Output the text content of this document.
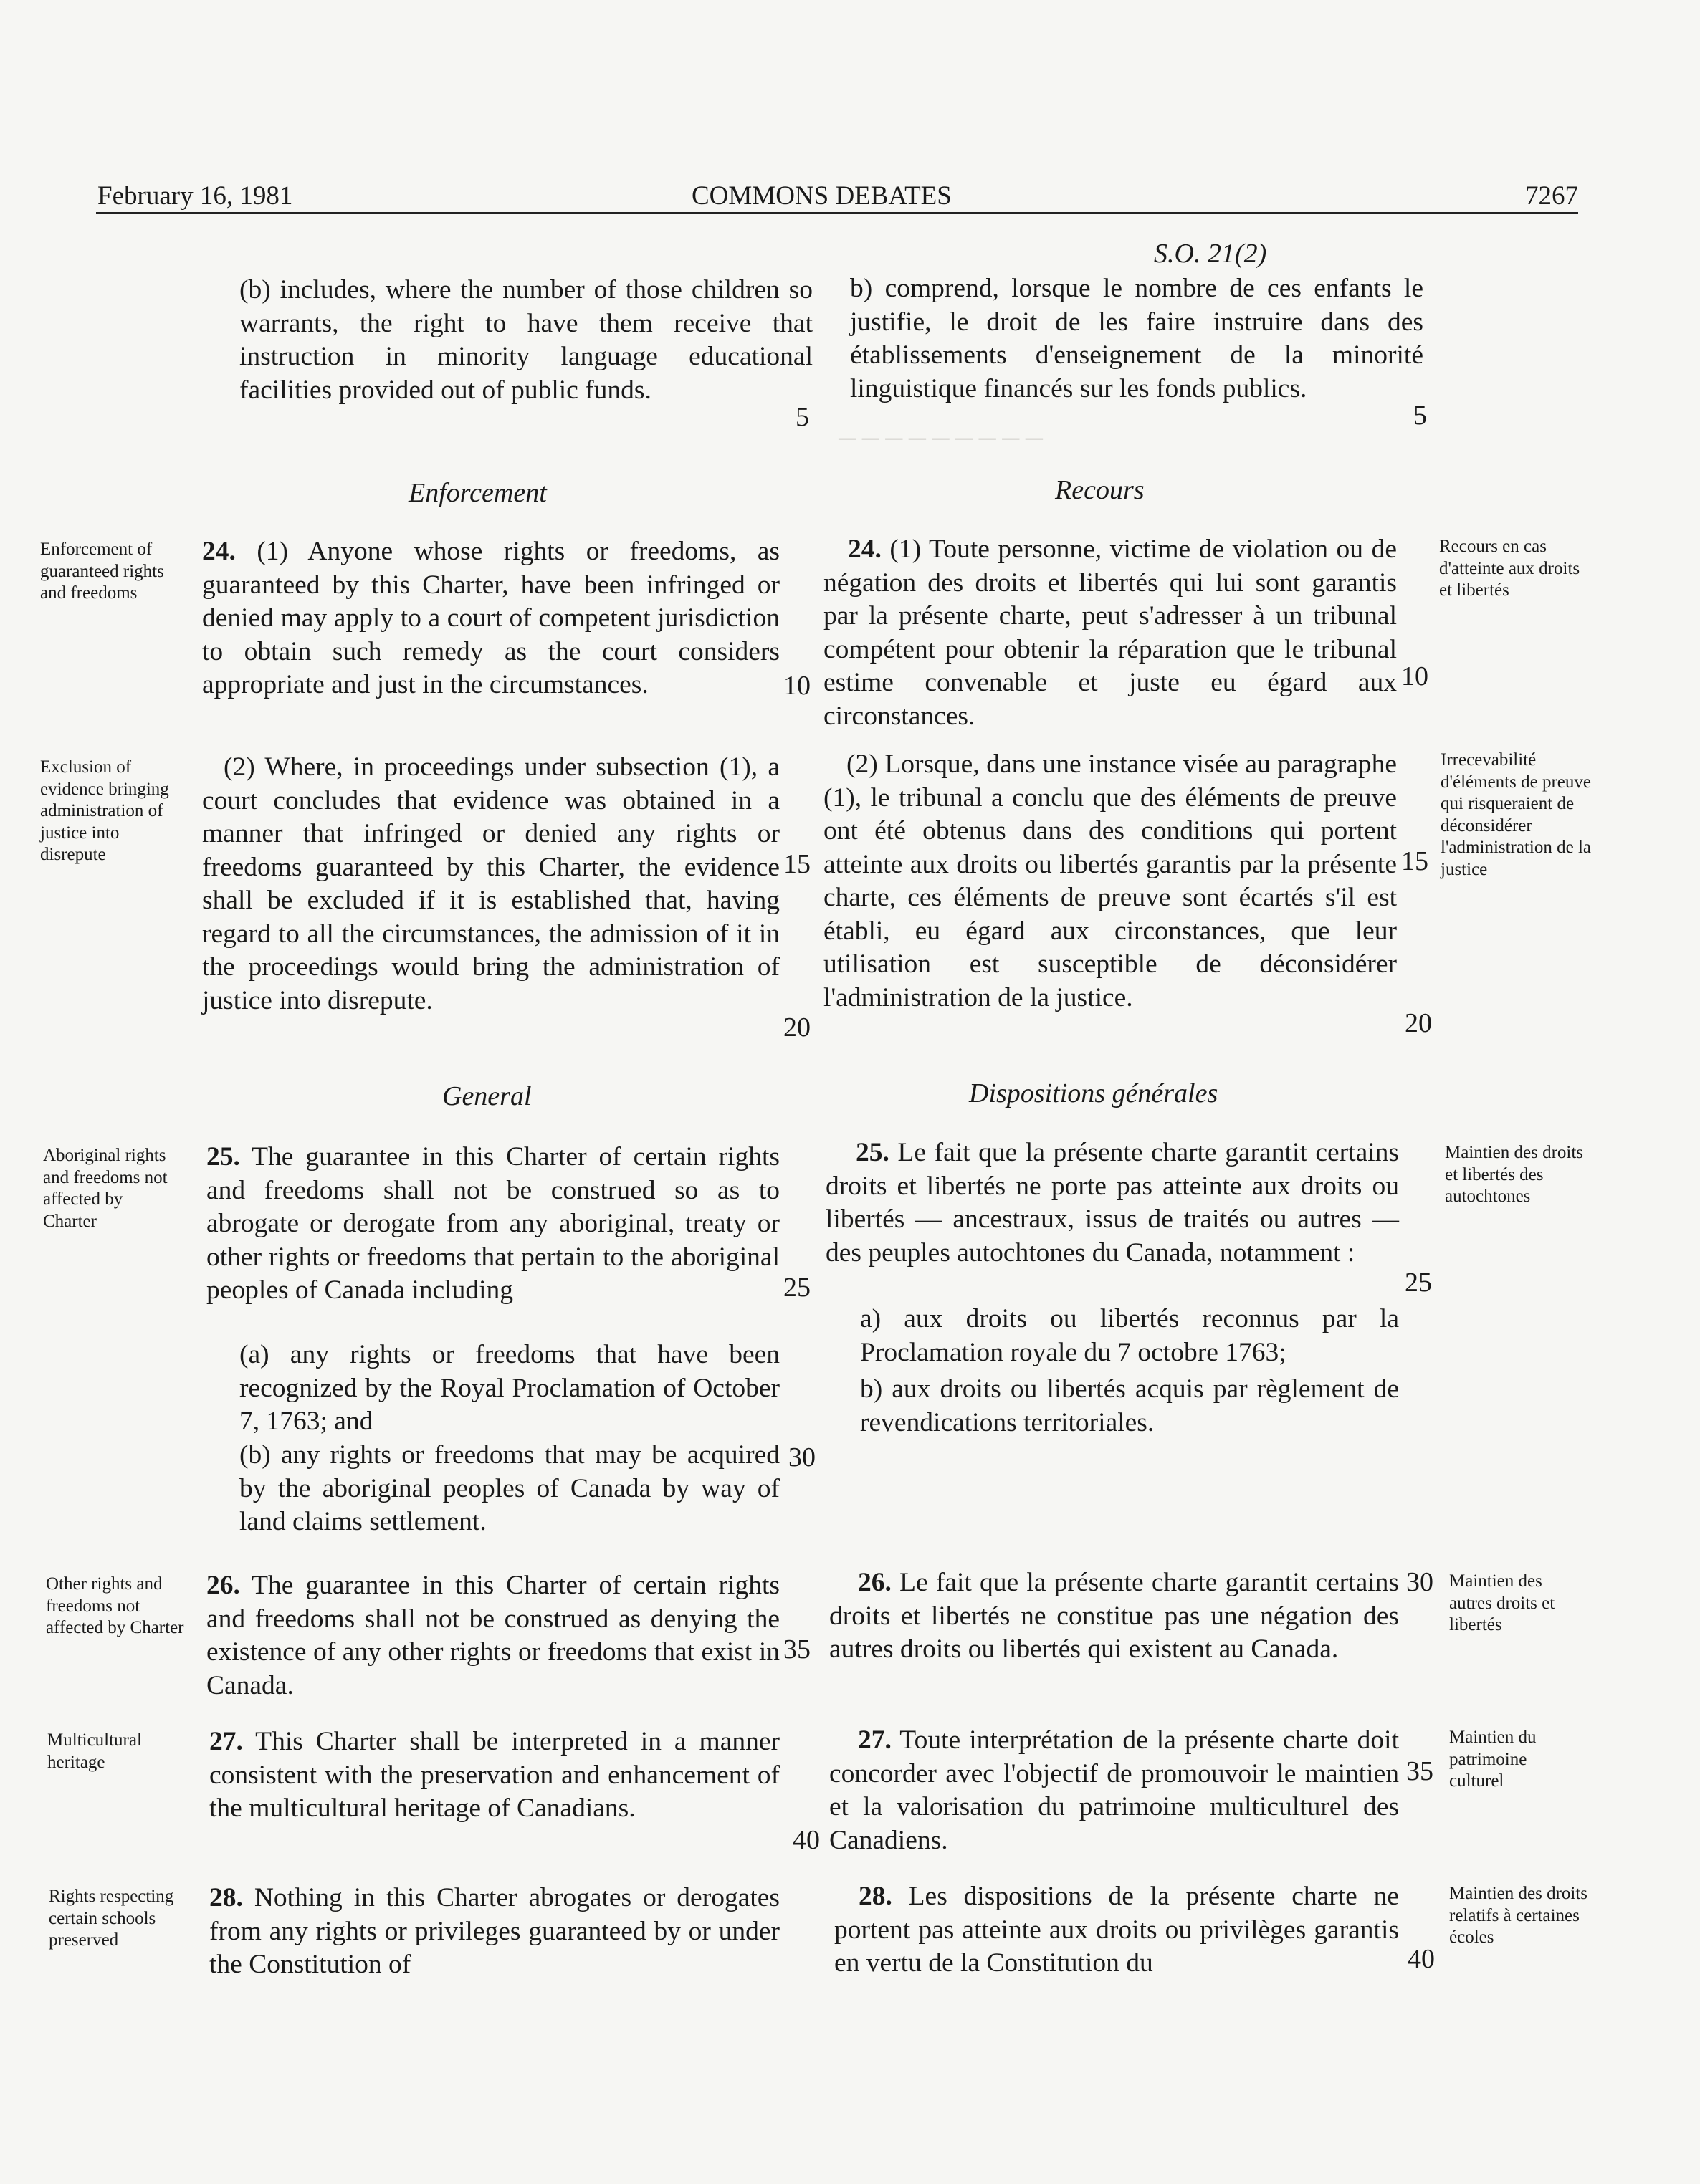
February 16, 1981	COMMONS DEBATES	7267
S.O. 21(2)
─ ─ ─ ─ ─ ─ ─ ─ ─

(b) includes, where the number of those children so warrants, the right to have them receive that instruction in minority language educational facilities provided out of public funds.

Enforcement

24. (1) Anyone whose rights or freedoms, as guaranteed by this Charter, have been infringed or denied may apply to a court of competent jurisdiction to obtain such remedy as the court considers appropriate and just in the circumstances.

(2) Where, in proceedings under subsection (1), a court concludes that evidence was obtained in a manner that infringed or denied any rights or freedoms guaranteed by this Charter, the evidence shall be excluded if it is established that, having regard to all the circumstances, the admission of it in the proceedings would bring the administration of justice into disrepute.

General

25. The guarantee in this Charter of certain rights and freedoms shall not be construed so as to abrogate or derogate from any aboriginal, treaty or other rights or freedoms that pertain to the aboriginal peoples of Canada including

(a) any rights or freedoms that have been recognized by the Royal Proclamation of October 7, 1763; and

(b) any rights or freedoms that may be acquired by the aboriginal peoples of Canada by way of land claims settlement.

26. The guarantee in this Charter of certain rights and freedoms shall not be construed as denying the existence of any other rights or freedoms that exist in Canada.

27. This Charter shall be interpreted in a manner consistent with the preservation and enhancement of the multicultural heritage of Canadians.

28. Nothing in this Charter abrogates or derogates from any rights or privileges guaranteed by or under the Constitution of

5
10
15
20
25
30
35
40

b) comprend, lorsque le nombre de ces enfants le justifie, le droit de les faire instruire dans des établissements d'enseignement de la minorité linguistique financés sur les fonds publics.

Recours

24. (1) Toute personne, victime de violation ou de négation des droits et libertés qui lui sont garantis par la présente charte, peut s'adresser à un tribunal compétent pour obtenir la réparation que le tribunal estime convenable et juste eu égard aux circonstances.

(2) Lorsque, dans une instance visée au paragraphe (1), le tribunal a conclu que des éléments de preuve ont été obtenus dans des conditions qui portent atteinte aux droits ou libertés garantis par la présente charte, ces éléments de preuve sont écartés s'il est établi, eu égard aux circonstances, que leur utilisation est susceptible de déconsidérer l'administration de la justice.

Dispositions générales

25. Le fait que la présente charte garantit certains droits et libertés ne porte pas atteinte aux droits ou libertés — ancestraux, issus de traités ou autres — des peuples autochtones du Canada, notamment :

a) aux droits ou libertés reconnus par la Proclamation royale du 7 octobre 1763;

b) aux droits ou libertés acquis par règlement de revendications territoriales.

26. Le fait que la présente charte garantit certains droits et libertés ne constitue pas une négation des autres droits ou libertés qui existent au Canada.

27. Toute interprétation de la présente charte doit concorder avec l'objectif de promouvoir le maintien et la valorisation du patrimoine multiculturel des Canadiens.

28. Les dispositions de la présente charte ne portent pas atteinte aux droits ou privilèges garantis en vertu de la Constitution du

5
10
15
20
25
30
35
40
Enforcement of guaranteed rights and freedoms
Exclusion of evidence bringing administration of justice into disrepute
Aboriginal rights and freedoms not affected by Charter
Other rights and freedoms not affected by Charter
Multicultural heritage
Rights respecting certain schools preserved
Recours en cas d'atteinte aux droits et libertés
Irrecevabilité d'éléments de preuve qui risqueraient de déconsidérer l'administration de la justice
Maintien des droits et libertés des autochtones
Maintien des autres droits et libertés
Maintien du patrimoine culturel
Maintien des droits relatifs à certaines écoles
